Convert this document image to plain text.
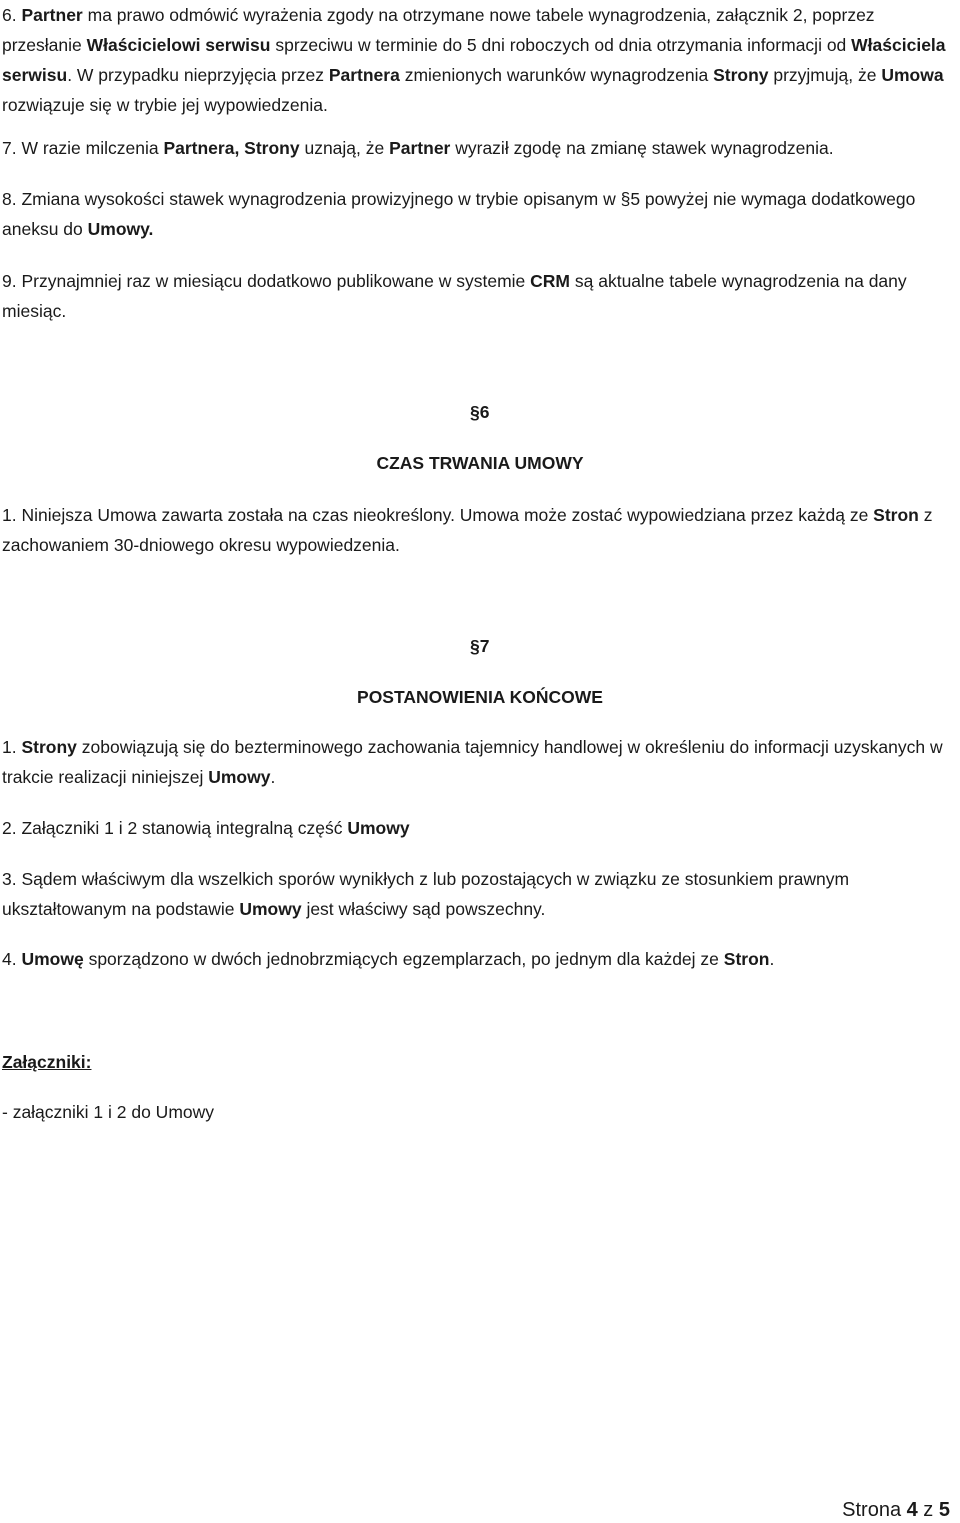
6. Partner ma prawo odmówić wyrażenia zgody na otrzymane nowe tabele wynagrodzenia, załącznik 2, poprzez przesłanie Właścicielowi serwisu sprzeciwu w terminie do 5 dni roboczych od dnia otrzymania informacji od Właściciela serwisu. W przypadku nieprzyjęcia przez Partnera zmienionych warunków wynagrodzenia Strony przyjmują, że Umowa rozwiązuje się w trybie jej wypowiedzenia.

7. W razie milczenia Partnera, Strony uznają, że Partner wyraził zgodę na zmianę stawek wynagrodzenia.

8. Zmiana wysokości stawek wynagrodzenia prowizyjnego w trybie opisanym w §5 powyżej nie wymaga dodatkowego aneksu do Umowy.

9. Przynajmniej raz w miesiącu dodatkowo publikowane w systemie CRM są aktualne tabele wynagrodzenia na dany miesiąc.

§6

CZAS TRWANIA UMOWY

1. Niniejsza Umowa zawarta została na czas nieokreślony. Umowa może zostać wypowiedziana przez każdą ze Stron z zachowaniem 30-dniowego okresu wypowiedzenia.

§7

POSTANOWIENIA KOŃCOWE

1. Strony zobowiązują się do bezterminowego zachowania tajemnicy handlowej w określeniu do informacji uzyskanych w trakcie realizacji niniejszej Umowy.

2. Załączniki 1 i 2 stanowią integralną część Umowy

3. Sądem właściwym dla wszelkich sporów wynikłych z lub pozostających w związku ze stosunkiem prawnym ukształtowanym na podstawie Umowy jest właściwy sąd powszechny.

4. Umowę sporządzono w dwóch jednobrzmiących egzemplarzach, po jednym dla każdej ze Stron.

Załączniki:

- załączniki 1 i 2 do Umowy

Strona 4 z 5
